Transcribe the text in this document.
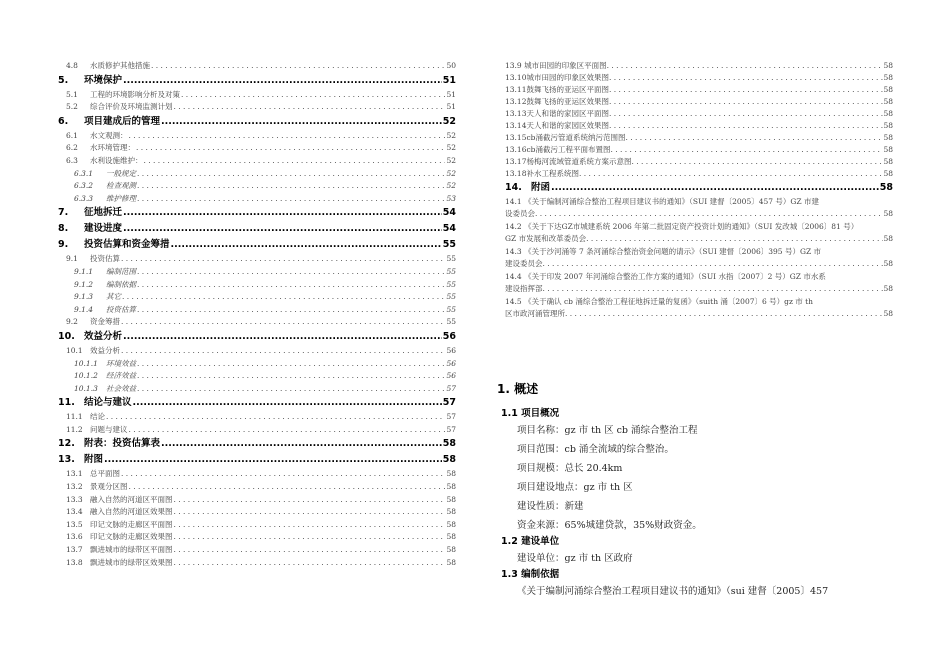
4.8 水质修护其他措施 . . .	50
5. 环境保护 .....	51
5.1 工程的环境影响分析及对策 . . .	51
5.2 综合评价及环境监测计划 . . .	51
6. 项目建成后的管理 .....	52
6.1 水文观测： . . .	52
6.2 水环境管理： . . .	52
6.3 水利设施维护： . . .	52
6.3.1 一般规定 . . .	52
6.3.2 检查观测 . . .	52
6.3.3 维护修理 . . .	53
7. 征地拆迁 .....	54
8. 建设进度 .....	54
9. 投资估算和资金筹措 .....	55
9.1 投资估算 . . .	55
9.1.1 编制范围 . . .	55
9.1.2 编制依据 . . .	55
9.1.3 其它 . . .	55
9.1.4 投资估算 . . .	55
9.2 资金筹措 . . .	55
10. 效益分析 .....	56
10.1 效益分析 . . .	56
10.1.1 环境效益 . . .	56
10.1.2 经济效益 . . .	56
10.1.3 社会效益 . . .	57
11. 结论与建议 .....	57
11.1 结论 . . .	57
11.2 问题与建议 . . .	57
12. 附表：投资估算表 .....	58
13. 附图 .....	58
13.1 总平面图 . . .	58
13.2 景观分区图 . . .	58
13.3 融入自然的河道区平面图 . . .	58
13.4 融入自然的河道区效果图 . . .	58
13.5 印记文脉的走廊区平面图 . . .	58
13.6 印记文脉的走廊区效果图 . . .	58
13.7 飘进城市的绿带区平面图 . . .	58
13.8 飘进城市的绿带区效果图 . . .	58
13.9 城市田园的印象区平面图 . . .	58
13.10城市田园的印象区效果图 . . .	58
13.11鼓舞飞扬的亚运区平面图 . . .	58
13.12鼓舞飞扬的亚运区效果图 . . .	58
13.13天人和谐的家园区平面图 . . .	58
13.14天人和谐的家园区效果图 . . .	58
13.15cb涌截污管道系统纳污范围图 . . .	58
13.16cb涌截污工程平面布置图 . . .	58
13.17杨梅河流域管道系统方案示意图 . . .	58
13.18补水工程系统图 . . .	58
14. 附函 .....	58
14.1 《关于编制河涌综合整治工程项目建议书的通知》（SUI 建督〔2005〕457 号）GZ 市建
设委员会 . . .	58
14.2 《关于下达GZ市城建系统 2006 年第二批固定资产投资计划的通知》（SUI 发改城〔2006〕81 号）
GZ 市发展和改革委员会 . . .	58
14.3 《关于沙河涌等 7 条河涌综合整治资金问题的请示》（SUI 建督〔2006〕395 号）GZ 市
建设委员会 . . .	58
14.4 《关于印发 2007 年河涌综合整治工作方案的通知》（SUI 水指〔2007〕2 号）GZ 市水系
建设指挥部 . . .	58
14.5 《关于确认 cb 涌综合整治工程征地拆迁量的复函》（suith 涌〔2007〕6 号）gz 市 th
区市政河涌管理所 . . .	58
1. 概述
1.1 项目概况
项目名称：gz 市 th 区 cb 涌综合整治工程
项目范围：cb 涌全流域的综合整治。
项目规模：总长 20.4km
项目建设地点：gz 市 th 区
建设性质：新建
资金来源：65%城建贷款，35%财政资金。
1.2 建设单位
建设单位：gz 市 th 区政府
1.3 编制依据
《关于编制河涌综合整治工程项目建议书的通知》（sui 建督〔2005〕457
